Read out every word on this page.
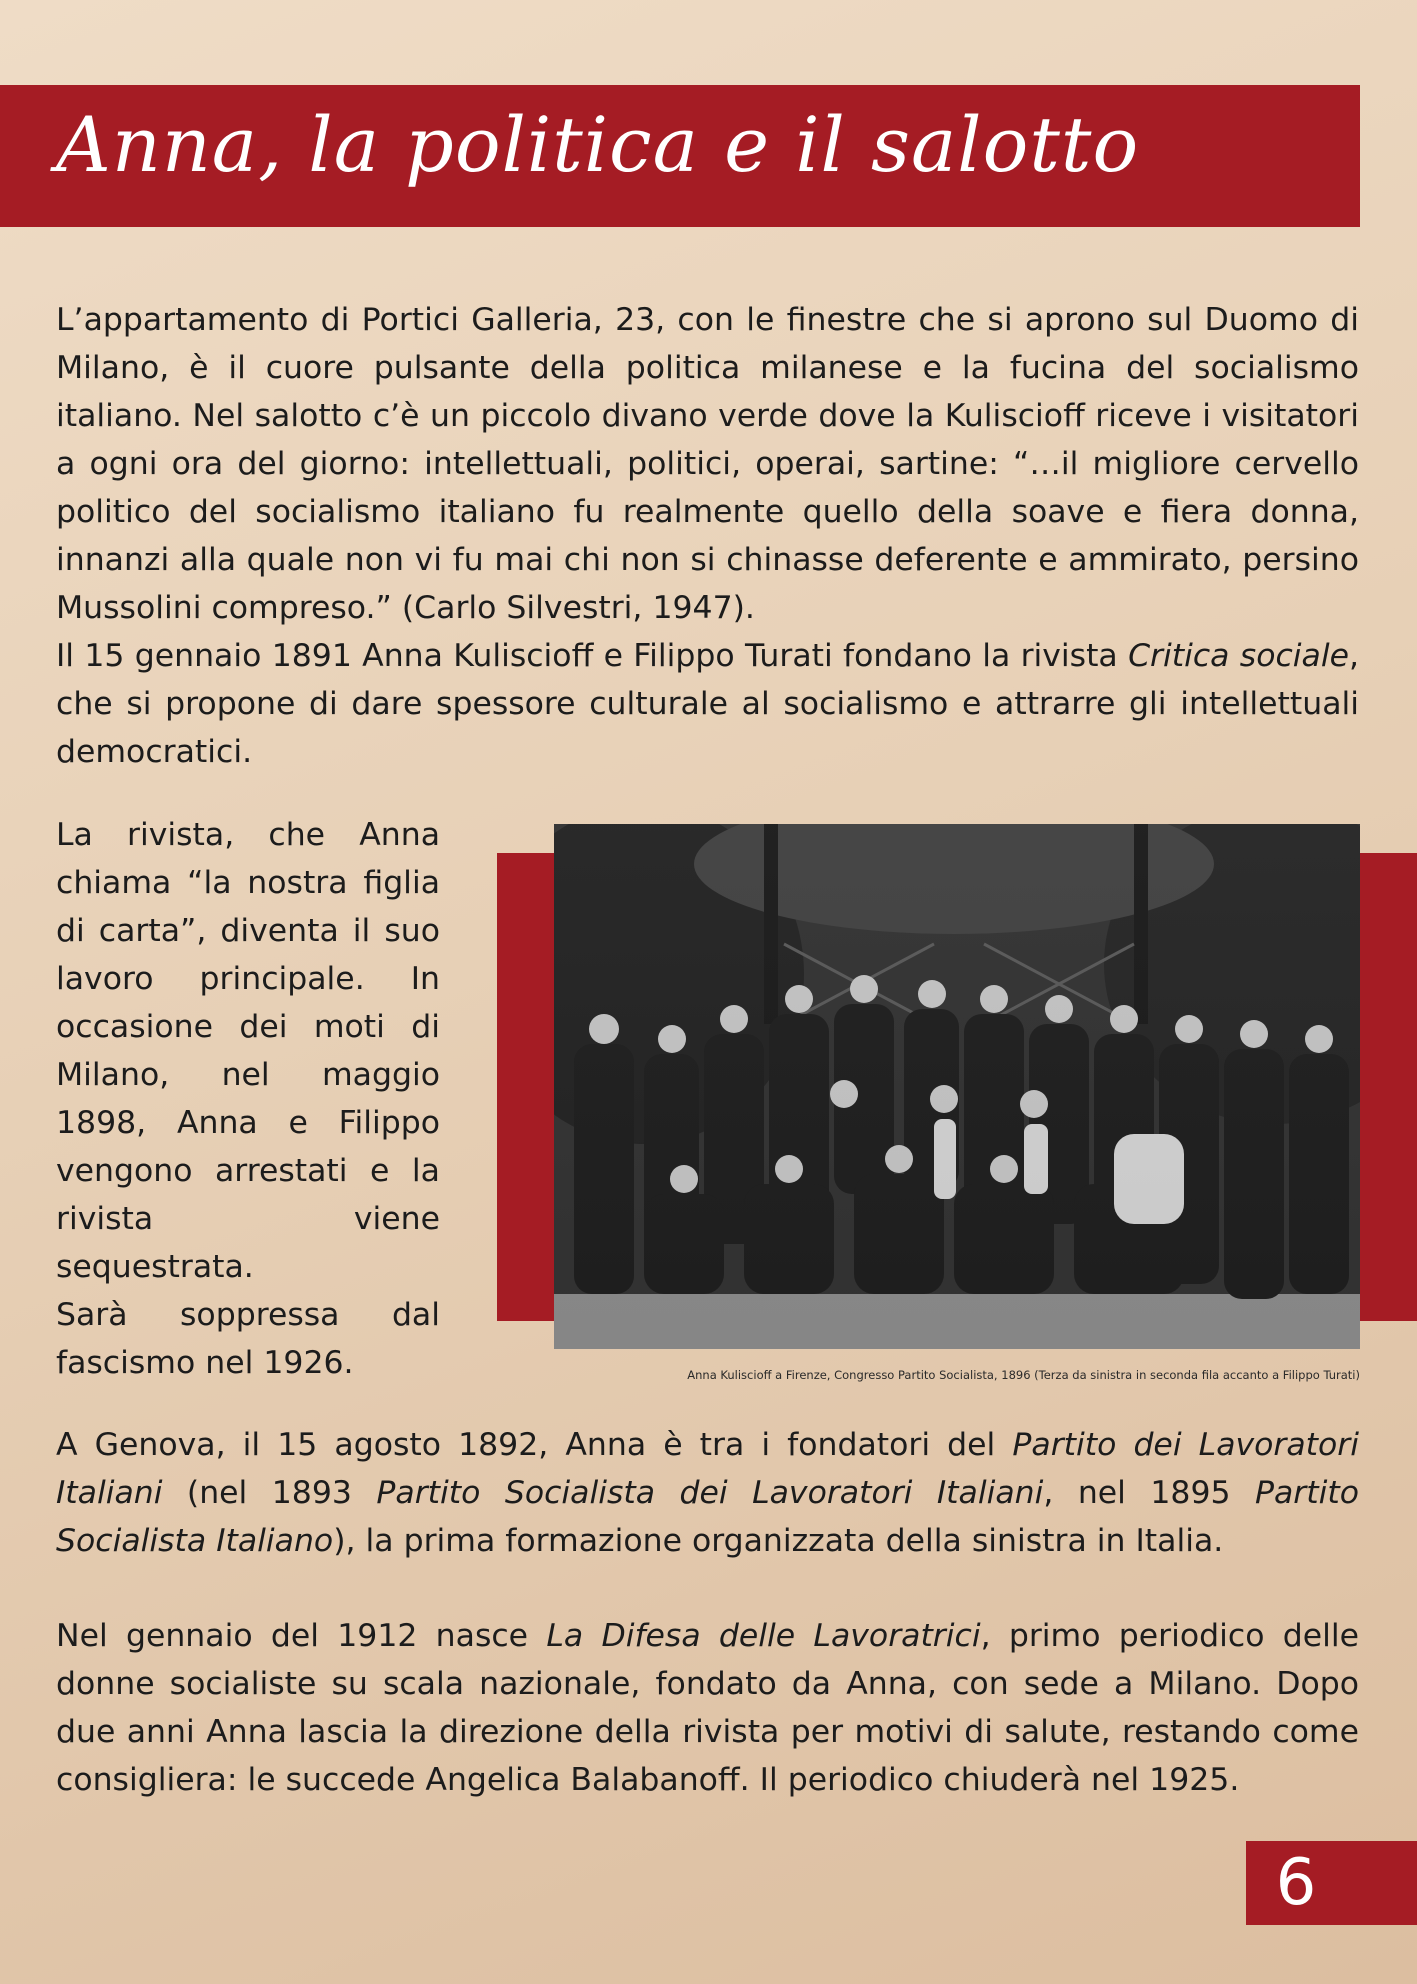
Anna, la politica e il salotto

L’appartamento di Portici Galleria, 23, con le finestre che si aprono sul Duomo di Milano, è il cuore pulsante della politica milanese e la fucina del socialismo italiano. Nel salotto c’è un piccolo divano verde dove la Kuliscioff riceve i visitatori a ogni ora del giorno: intellettuali, politici, operai, sartine: “…il migliore cervello politico del socialismo italiano fu realmente quello della soave e fiera donna, innanzi alla quale non vi fu mai chi non si chinasse deferente e ammirato, persino Mussolini compreso.” (Carlo Silvestri, 1947).
Il 15 gennaio 1891 Anna Kuliscioff e Filippo Turati fondano la rivista Critica sociale, che si propone di dare spessore culturale al socialismo e attrarre gli intellettuali democratici.

La rivista, che Anna chiama “la nostra figlia di carta”, diventa il suo lavoro principale. In occasione dei moti di Milano, nel maggio 1898, Anna e Filippo vengono arrestati e la rivista viene sequestrata.
Sarà soppressa dal fascismo nel 1926.	Anna Kuliscioff a Firenze, Congresso Partito Socialista, 1896 (Terza da sinistra in seconda fila accanto a Filippo Turati)

A Genova, il 15 agosto 1892, Anna è tra i fondatori del Partito dei Lavoratori Italiani (nel 1893 Partito Socialista dei Lavoratori Italiani, nel 1895 Partito Socialista Italiano), la prima formazione organizzata della sinistra in Italia.

Nel gennaio del 1912 nasce La Difesa delle Lavoratrici, primo periodico delle donne socialiste su scala nazionale, fondato da Anna, con sede a Milano. Dopo due anni Anna lascia la direzione della rivista per motivi di salute, restando come consigliera: le succede Angelica Balabanoff. Il periodico chiuderà nel 1925.

6
